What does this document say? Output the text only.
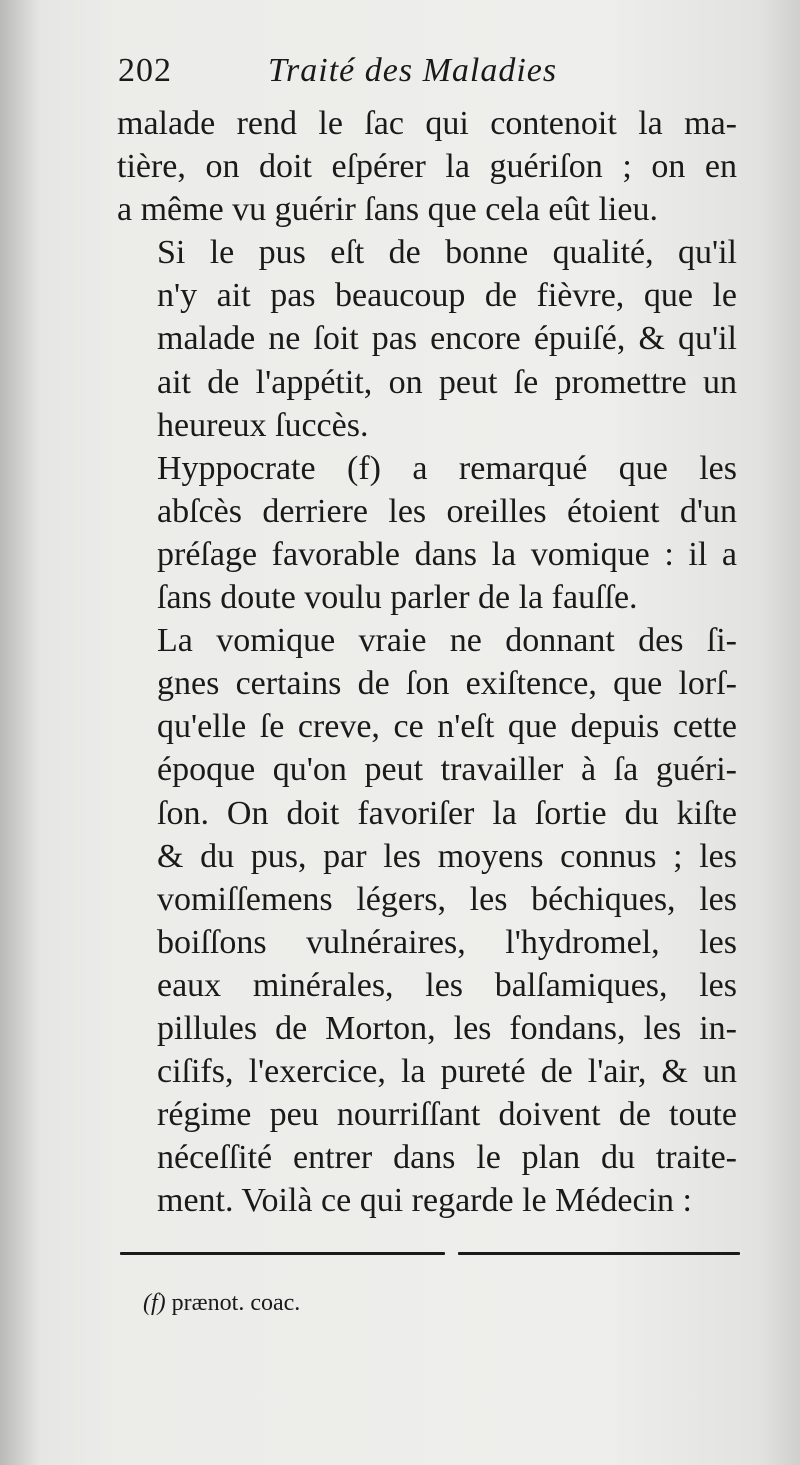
202	Traité des Maladies

malade rend le ſac qui contenoit la ma-
tière, on doit eſpérer la guériſon ; on en
a même vu guérir ſans que cela eût lieu.

Si le pus eſt de bonne qualité, qu'il
n'y ait pas beaucoup de fièvre, que le
malade ne ſoit pas encore épuiſé, & qu'il
ait de l'appétit, on peut ſe promettre un
heureux ſuccès.

Hyppocrate (f) a remarqué que les
abſcès derriere les oreilles étoient d'un
préſage favorable dans la vomique : il a
ſans doute voulu parler de la fauſſe.

La vomique vraie ne donnant des ſi-
gnes certains de ſon exiſtence, que lorſ-
qu'elle ſe creve, ce n'eſt que depuis cette
époque qu'on peut travailler à ſa guéri-
ſon. On doit favoriſer la ſortie du kiſte
& du pus, par les moyens connus ; les
vomiſſemens légers, les béchiques, les
boiſſons vulnéraires, l'hydromel, les
eaux minérales, les balſamiques, les
pillules de Morton, les fondans, les in-
ciſifs, l'exercice, la pureté de l'air, & un
régime peu nourriſſant doivent de toute
néceſſité entrer dans le plan du traite-
ment. Voilà ce qui regarde le Médecin :

(f) prænot. coac.
